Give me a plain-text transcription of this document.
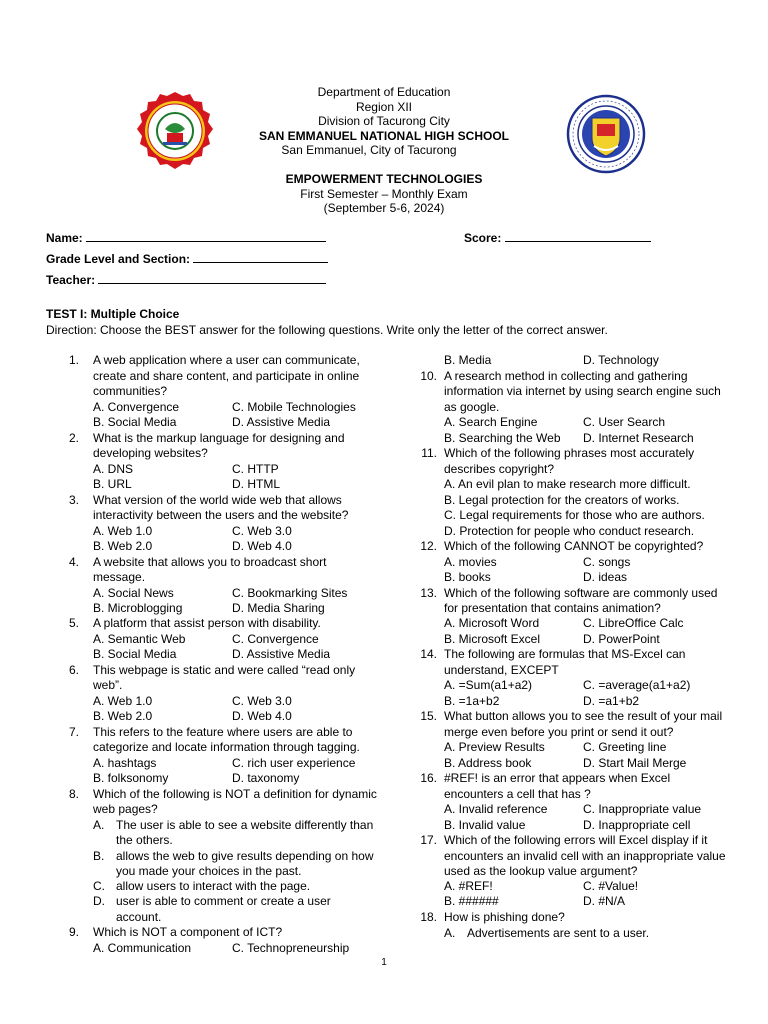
Department of Education
Region XII
Division of Tacurong City
SAN EMMANUEL NATIONAL HIGH SCHOOL
San Emmanuel, City of Tacurong
EMPOWERMENT TECHNOLOGIES
First Semester – Monthly Exam
(September 5-6, 2024)
Name:	Score:
Grade Level and Section:
Teacher:
TEST I: Multiple Choice
Direction: Choose the BEST answer for the following questions. Write only the letter of the correct answer.
1. A web application where a user can communicate,
create and share content, and participate in online
communities?
A. Convergence	C. Mobile Technologies
B. Social Media	D. Assistive Media
2. What is the markup language for designing and
developing websites?
A. DNS	C. HTTP
B. URL	D. HTML
3. What version of the world wide web that allows
interactivity between the users and the website?
A. Web 1.0	C. Web 3.0
B. Web 2.0	D. Web 4.0
4. A website that allows you to broadcast short
message.
A. Social News	C. Bookmarking Sites
B. Microblogging	D. Media Sharing
5. A platform that assist person with disability.
A. Semantic Web	C. Convergence
B. Social Media	D. Assistive Media
6. This webpage is static and were called “read only
web”.
A. Web 1.0	C. Web 3.0
B. Web 2.0	D. Web 4.0
7. This refers to the feature where users are able to
categorize and locate information through tagging.
A. hashtags	C. rich user experience
B. folksonomy	D. taxonomy
8. Which of the following is NOT a definition for dynamic
web pages?
A. The user is able to see a website differently than
the others.
B. allows the web to give results depending on how
you made your choices in the past.
C. allow users to interact with the page.
D. user is able to comment or create a user
account.
9. Which is NOT a component of ICT?
A. Communication	C. Technopreneurship
B. Media	D. Technology
10. A research method in collecting and gathering
information via internet by using search engine such
as google.
A. Search Engine	C. User Search
B. Searching the Web D. Internet Research
11. Which of the following phrases most accurately
describes copyright?
A. An evil plan to make research more difficult.
B. Legal protection for the creators of works.
C. Legal requirements for those who are authors.
D. Protection for people who conduct research.
12. Which of the following CANNOT be copyrighted?
A. movies	C. songs
B. books	D. ideas
13. Which of the following software are commonly used
for presentation that contains animation?
A. Microsoft Word	C. LibreOffice Calc
B. Microsoft Excel	D. PowerPoint
14. The following are formulas that MS-Excel can
understand, EXCEPT
A. =Sum(a1+a2)	C. =average(a1+a2)
B. =1a+b2	D. =a1+b2
15. What button allows you to see the result of your mail
merge even before you print or send it out?
A. Preview Results	C. Greeting line
B. Address book	D. Start Mail Merge
16. #REF! is an error that appears when Excel
encounters a cell that has ?
A. Invalid reference	C. Inappropriate value
B. Invalid value	D. Inappropriate cell
17. Which of the following errors will Excel display if it
encounters an invalid cell with an inappropriate value
used as the lookup value argument?
A. #REF!	C. #Value!
B. ######	D. #N/A
18. How is phishing done?
A. Advertisements are sent to a user.
1
